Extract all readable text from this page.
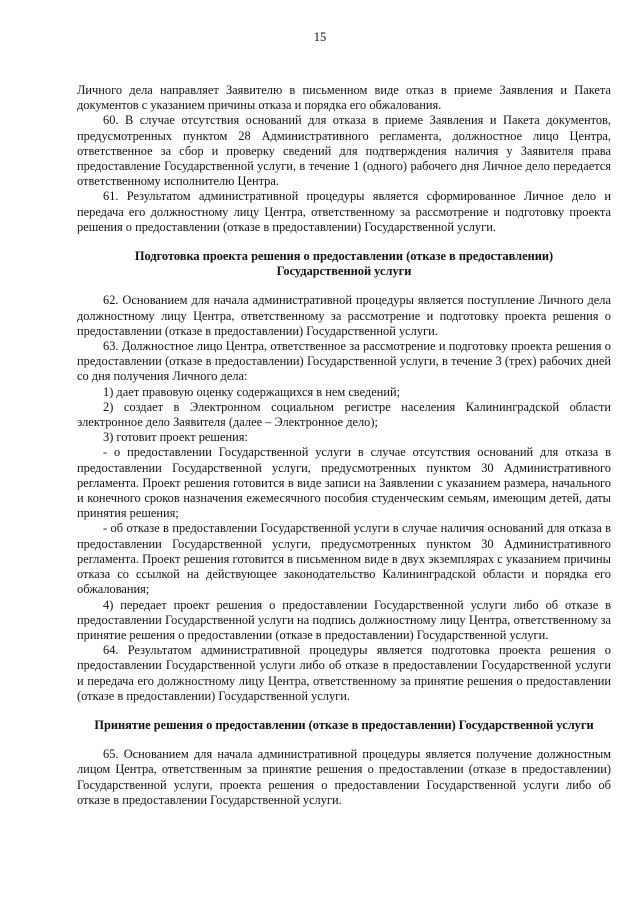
15

Личного дела направляет Заявителю в письменном виде отказ в приеме Заявления и Пакета документов с указанием причины отказа и порядка его обжалования.

60. В случае отсутствия оснований для отказа в приеме Заявления и Пакета документов, предусмотренных пунктом 28 Административного регламента, должностное лицо Центра, ответственное за сбор и проверку сведений для подтверждения наличия у Заявителя права предоставление Государственной услуги, в течение 1 (одного) рабочего дня Личное дело передается ответственному исполнителю Центра.

61. Результатом административной процедуры является сформированное Личное дело и передача его должностному лицу Центра, ответственному за рассмотрение и подготовку проекта решения о предоставлении (отказе в предоставлении) Государственной услуги.

Подготовка проекта решения о предоставлении (отказе в предоставлении) Государственной услуги

62. Основанием для начала административной процедуры является поступление Личного дела должностному лицу Центра, ответственному за рассмотрение и подготовку проекта решения о предоставлении (отказе в предоставлении) Государственной услуги.

63. Должностное лицо Центра, ответственное за рассмотрение и подготовку проекта решения о предоставлении (отказе в предоставлении) Государственной услуги, в течение 3 (трех) рабочих дней со дня получения Личного дела:

1) дает правовую оценку содержащихся в нем сведений;

2) создает в Электронном социальном регистре населения Калининградской области электронное дело Заявителя (далее – Электронное дело);

3) готовит проект решения:

- о предоставлении Государственной услуги в случае отсутствия оснований для отказа в предоставлении Государственной услуги, предусмотренных пунктом 30 Административного регламента. Проект решения готовится в виде записи на Заявлении с указанием размера, начального и конечного сроков назначения ежемесячного пособия студенческим семьям, имеющим детей, даты принятия решения;

- об отказе в предоставлении Государственной услуги в случае наличия оснований для отказа в предоставлении Государственной услуги, предусмотренных пунктом 30 Административного регламента. Проект решения готовится в письменном виде в двух экземплярах с указанием причины отказа со ссылкой на действующее законодательство Калининградской области и порядка его обжалования;

4) передает проект решения о предоставлении Государственной услуги либо об отказе в предоставлении Государственной услуги на подпись должностному лицу Центра, ответственному за принятие решения о предоставлении (отказе в предоставлении) Государственной услуги.

64. Результатом административной процедуры является подготовка проекта решения о предоставлении Государственной услуги либо об отказе в предоставлении Государственной услуги и передача его должностному лицу Центра, ответственному за принятие решения о предоставлении (отказе в предоставлении) Государственной услуги.

Принятие решения о предоставлении (отказе в предоставлении) Государственной услуги

65. Основанием для начала административной процедуры является получение должностным лицом Центра, ответственным за принятие решения о предоставлении (отказе в предоставлении) Государственной услуги, проекта решения о предоставлении Государственной услуги либо об отказе в предоставлении Государственной услуги.
